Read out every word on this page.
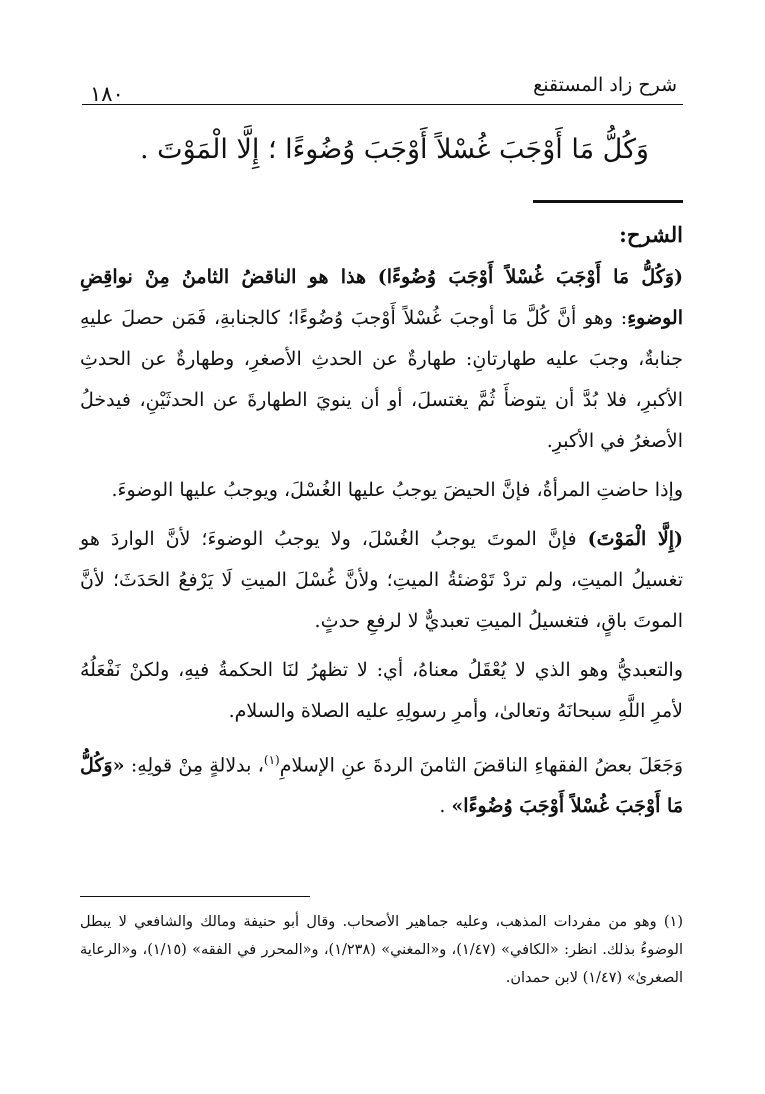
شرح زاد المستقنع
١٨٠
وَكُلُّ مَا أَوْجَبَ غُسْلاً أَوْجَبَ وُضُوءًا ؛ إِلَّا الْمَوْتَ .
الشرح:

(وَكُلُّ مَا أَوْجَبَ غُسْلاً أَوْجَبَ وُضُوءًا) هذا هو الناقضُ الثامنُ مِنْ نواقِضِ الوضوءِ: وهو أنَّ كُلَّ مَا أوجبَ غُسْلاً أَوْجبَ وُضُوءًا؛ كالجنابةِ، فَمَن حصلَ عليهِ جنابةٌ، وجبَ عليه طهارتانِ: طهارةٌ عن الحدثِ الأصغرِ، وطهارةٌ عن الحدثِ الأكبرِ، فلا بُدَّ أن يتوضأَ ثُمَّ يغتسلَ، أو أن ينويَ الطهارةَ عن الحدثَيْنِ، فيدخلُ الأصغرُ في الأكبرِ.

وإذا حاضتِ المرأةُ، فإنَّ الحيضَ يوجبُ عليها الغُسْلَ، ويوجبُ عليها الوضوءَ.

(إِلَّا الْمَوْتَ) فإنَّ الموتَ يوجبُ الغُسْلَ، ولا يوجبُ الوضوءَ؛ لأنَّ الواردَ هو تغسيلُ الميتِ، ولم تردْ تَوْضئةُ الميتِ؛ ولأنَّ غُسْلَ الميتِ لَا يَرْفعُ الحَدَثَ؛ لأنَّ الموتَ باقٍ، فتغسيلُ الميتِ تعبديٌّ لا لرفعِ حدثٍ.

والتعبديُّ وهو الذي لا يُعْقَلُ معناهُ، أي: لا تظهرُ لنَا الحكمةُ فيهِ، ولكنْ نَفْعَلُهُ لأمرِ اللَّهِ سبحانَهُ وتعالىٰ، وأمرِ رسولِهِ عليه الصلاة والسلام.

وَجَعَلَ بعضُ الفقهاءِ الناقضَ الثامنَ الردةَ عنِ الإسلامِ$^{(١)}$، بدلالةٍ مِنْ قولِهِ: «وَكُلُّ مَا أَوْجَبَ غُسْلاً أَوْجَبَ وُضُوءًا» .

(١) وهو من مفردات المذهب، وعليه جماهير الأصحاب. وقال أبو حنيفة ومالك والشافعي لا يبطل الوضوءُ بذلك. انظر: «الكافي» (١/٤٧)، و«المغني» (١/٢٣٨)، و«المحرر في الفقه» (١/١٥)، و«الرعاية الصغرىٰ» (١/٤٧) لابن حمدان.
